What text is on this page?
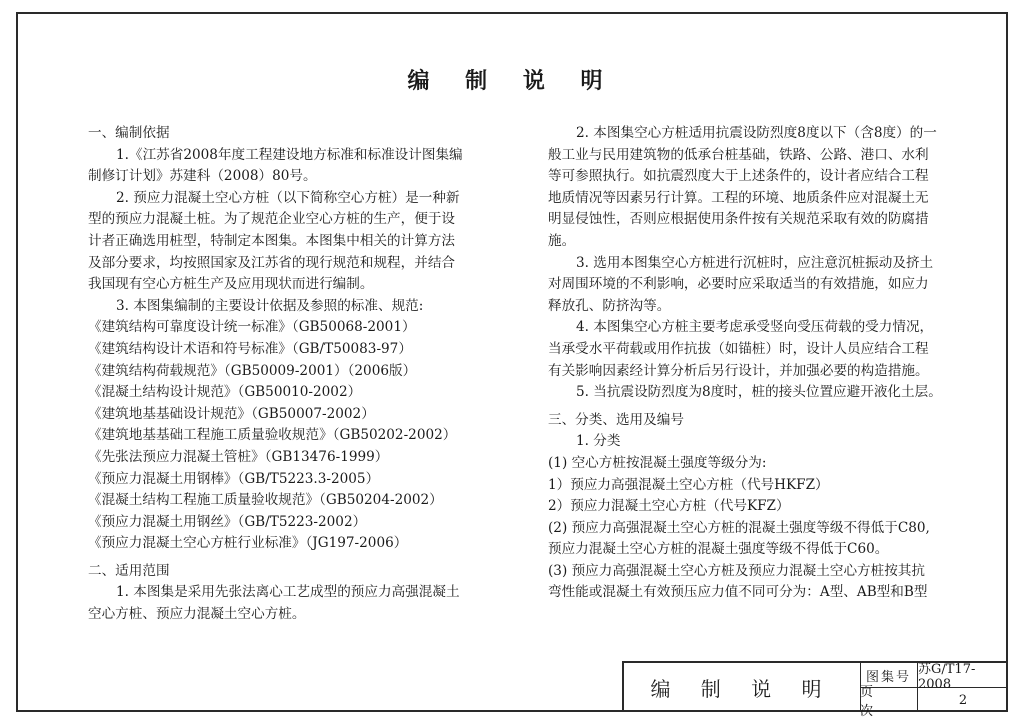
编 制 说 明

一、编制依据

1.《江苏省2008年度工程建设地方标准和标准设计图集编

制修订计划》苏建科（2008）80号。

2. 预应力混凝土空心方桩（以下简称空心方桩）是一种新

型的预应力混凝土桩。为了规范企业空心方桩的生产，便于设

计者正确选用桩型，特制定本图集。本图集中相关的计算方法

及部分要求，均按照国家及江苏省的现行规范和规程，并结合

我国现有空心方桩生产及应用现状而进行编制。

3. 本图集编制的主要设计依据及参照的标准、规范:

《建筑结构可靠度设计统一标准》（GB50068-2001）

《建筑结构设计术语和符号标准》（GB/T50083-97）

《建筑结构荷载规范》（GB50009-2001）（2006版）

《混凝土结构设计规范》（GB50010-2002）

《建筑地基基础设计规范》（GB50007-2002）

《建筑地基基础工程施工质量验收规范》（GB50202-2002）

《先张法预应力混凝土管桩》（GB13476-1999）

《预应力混凝土用钢棒》（GB/T5223.3-2005）

《混凝土结构工程施工质量验收规范》（GB50204-2002）

《预应力混凝土用钢丝》（GB/T5223-2002）

《预应力混凝土空心方桩行业标准》（JG197-2006）

二、适用范围

1. 本图集是采用先张法离心工艺成型的预应力高强混凝土

空心方桩、预应力混凝土空心方桩。

2. 本图集空心方桩适用抗震设防烈度8度以下（含8度）的一

般工业与民用建筑物的低承台桩基础，铁路、公路、港口、水利

等可参照执行。如抗震烈度大于上述条件的，设计者应结合工程

地质情况等因素另行计算。工程的环境、地质条件应对混凝土无

明显侵蚀性，否则应根据使用条件按有关规范采取有效的防腐措

施。

3. 选用本图集空心方桩进行沉桩时，应注意沉桩振动及挤土

对周围环境的不利影响，必要时应采取适当的有效措施，如应力

释放孔、防挤沟等。

4. 本图集空心方桩主要考虑承受竖向受压荷载的受力情况，

当承受水平荷载或用作抗拔（如锚桩）时，设计人员应结合工程

有关影响因素经计算分析后另行设计，并加强必要的构造措施。

5. 当抗震设防烈度为8度时，桩的接头位置应避开液化土层。

三、分类、选用及编号

1. 分类

(1) 空心方桩按混凝土强度等级分为:

1）预应力高强混凝土空心方桩（代号HKFZ）

2）预应力混凝土空心方桩（代号KFZ）

(2) 预应力高强混凝土空心方桩的混凝土强度等级不得低于C80,

预应力混凝土空心方桩的混凝土强度等级不得低于C60。

(3) 预应力高强混凝土空心方桩及预应力混凝土空心方桩按其抗

弯性能或混凝土有效预压应力值不同可分为：A型、AB型和B型

编 制 说 明	图集号 苏G/T17-2008
页 次
2
